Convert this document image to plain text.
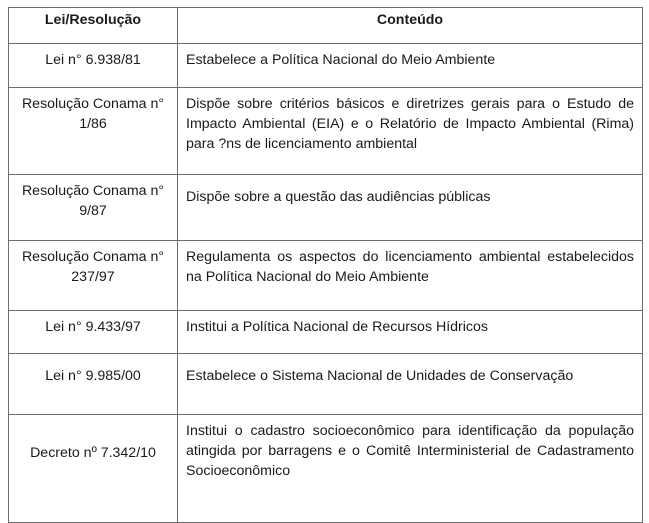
Lei/Resolução	Conteúdo
Lei n° 6.938/81	Estabelece a Política Nacional do Meio Ambiente
Resolução Conama n° 1/86	Dispõe sobre critérios básicos e diretrizes gerais para o Estudo de Impacto Ambiental (EIA) e o Relatório de Impacto Ambiental (Rima) para ?ns de licenciamento ambiental
Resolução Conama n° 9/87	Dispõe sobre a questão das audiências públicas
Resolução Conama n° 237/97	Regulamenta os aspectos do licenciamento ambiental estabelecidos na Política Nacional do Meio Ambiente
Lei n° 9.433/97	Institui a Política Nacional de Recursos Hídricos
Lei n° 9.985/00	Estabelece o Sistema Nacional de Unidades de Conservação
Decreto nº 7.342/10	Institui o cadastro socioeconômico para identificação da população atingida por barragens e o Comitê Interministerial de Cadastramento Socioeconômico
